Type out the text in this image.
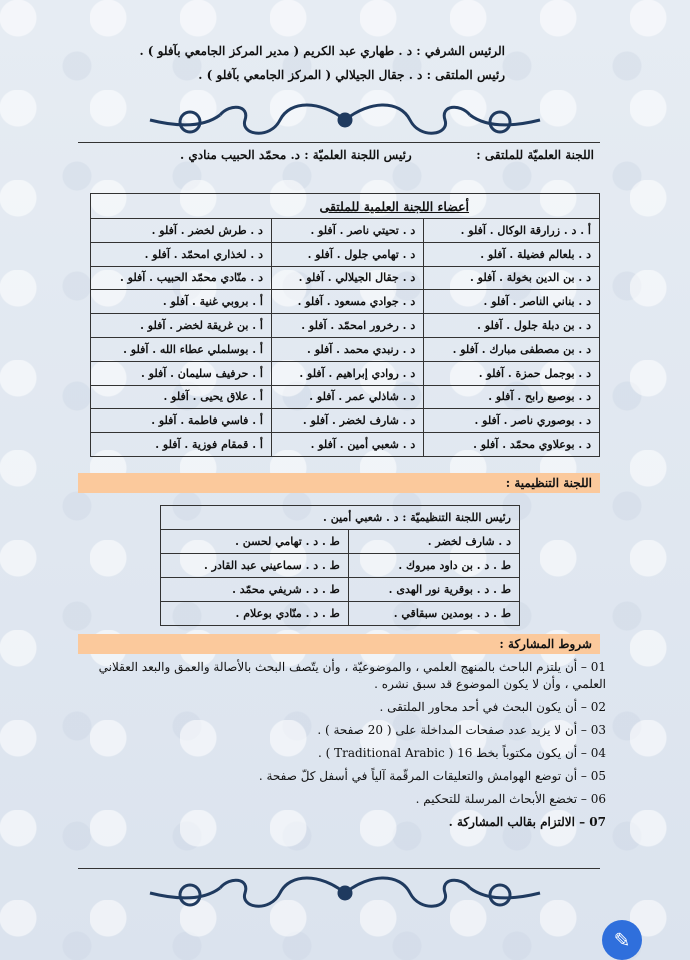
الرئيس الشرفي : د . طهاري عبد الكريم ( مدير المركز الجامعي بآفلو ) .
رئيس الملتقى : د . جقال الجيلالي ( المركز الجامعي بآفلو ) .
اللجنة العلميّة للملتقى :
رئيس اللجنة العلميّة : د. محمّد الحبيب منادي .
أعضاء اللجنة العلمية للملتقى		
أ . د . زرارقة الوكال . آفلو .	د . تحيتي ناصر . آفلو .	د . طرش لخضر . آفلو .
د . بلعالم فضيلة . آفلو .	د . تهامي جلول . آفلو .	د . لخذاري امحمّد . آفلو .
د . بن الدين بخولة . آفلو .	د . جقال الجيلالي . آفلو .	د . منّادي محمّد الحبيب . آفلو .
د . بناني الناصر . آفلو .	د . جوادي مسعود . آفلو .	أ . بروبي غنية . آفلو .
د . بن دبلة جلول . آفلو .	د . رخرور امحمّد . آفلو .	أ . بن غريقة لخضر . آفلو .
د . بن مصطفى مبارك . آفلو .	د . رنبدي محمد . آفلو .	أ . بوسلملي عطاء الله . آفلو .
د . بوجمل حمزة . آفلو .	د . روادي إبراهيم . آفلو .	أ . حرفيف سليمان . آفلو .
د . بوصبع رابح . آفلو .	د . شاذلي عمر . آفلو .	أ . علاق يحيى . آفلو .
د . بوصوري ناصر . آفلو .	د . شارف لخضر . آفلو .	أ . فاسي فاطمة . آفلو .
د . بوعلاوي محمّد . آفلو .	د . شعبي أمين . آفلو .	أ . قمقام فوزية . آفلو .
اللجنة التنظيمية :
رئيس اللجنة التنظيميّة : د . شعبي أمين .	
د . شارف لخضر .	ط . د . تهامي لحسن .
ط . د . بن داود مبروك .	ط . د . سماعيني عبد القادر .
ط . د . بوقرية نور الهدى .	ط . د . شريفي محمّد .
ط . د . بومدين سبقاقي .	ط . د . منّادي بوعلام .
شروط المشاركة :
01 – أن يلتزم الباحث بالمنهج العلمي ، والموضوعيّة ، وأن يتّصف البحث بالأصالة والعمق والبعد العقلاني العلمي ، وأن لا يكون الموضوع قد سبق نشره .
02 – أن يكون البحث في أحد محاور الملتقى .
03 – أن لا يزيد عدد صفحات المداخلة على ( 20 صفحة ) .
04 – أن يكون مكتوباً بخط 16 ( Traditional Arabic ) .
05 – أن توضع الهوامش والتعليقات المرقّمة آلياً في أسفل كلّ صفحة .
06 – تخضع الأبحاث المرسلة للتحكيم .
07 – الالتزام بقالب المشاركة .
✎
